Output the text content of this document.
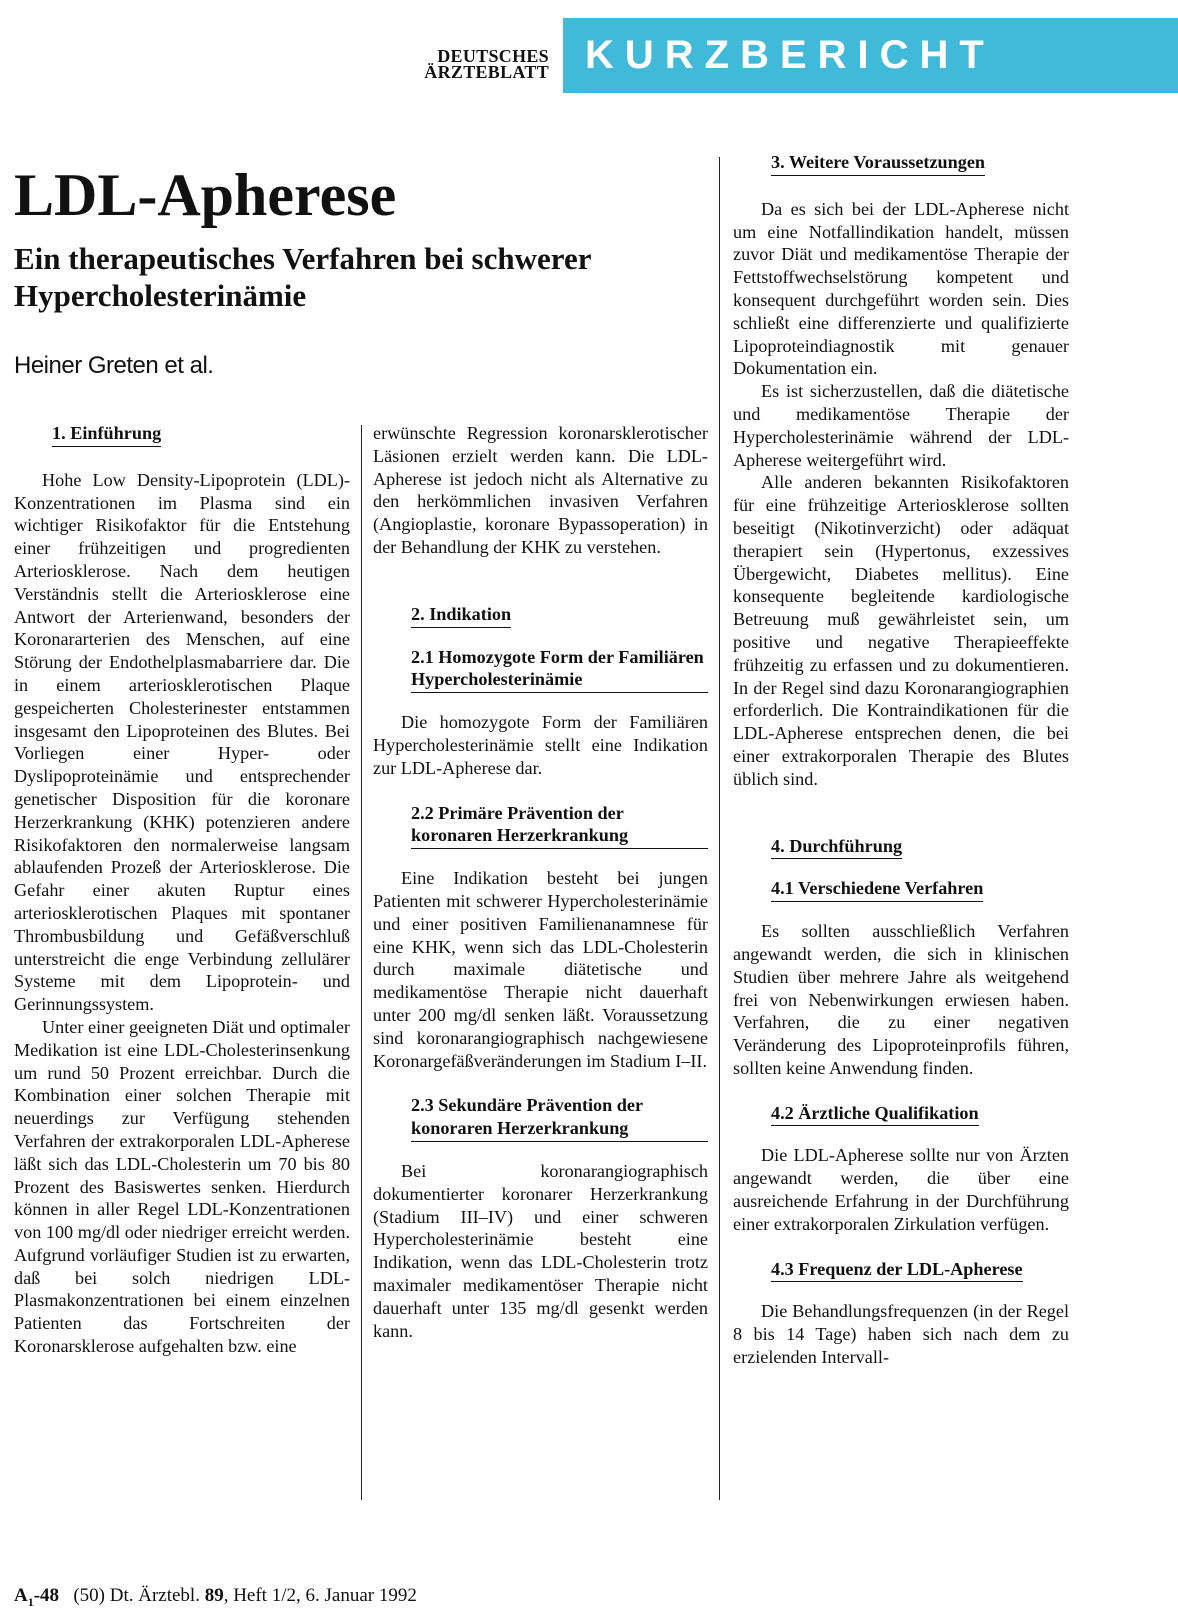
DEUTSCHES
ÄRZTEBLATT KURZBERICHT
LDL-Apherese
Ein therapeutisches Verfahren bei schwerer Hypercholesterinämie
Heiner Greten et al.
1. Einführung

Hohe Low Density-Lipoprotein (LDL)-Konzentrationen im Plasma sind ein wichtiger Risikofaktor für die Entstehung einer frühzeitigen und progredienten Arteriosklerose. Nach dem heutigen Verständnis stellt die Arteriosklerose eine Antwort der Arterienwand, besonders der Koronararterien des Menschen, auf eine Störung der Endothelplasmabarriere dar. Die in einem arteriosklerotischen Plaque gespeicherten Cholesterinester entstammen insgesamt den Lipoproteinen des Blutes. Bei Vorliegen einer Hyper- oder Dyslipoproteinämie und entsprechender genetischer Disposition für die koronare Herzerkrankung (KHK) potenzieren andere Risikofaktoren den normalerweise langsam ablaufenden Prozeß der Arteriosklerose. Die Gefahr einer akuten Ruptur eines arteriosklerotischen Plaques mit spontaner Thrombusbildung und Gefäßverschluß unterstreicht die enge Verbindung zellulärer Systeme mit dem Lipoprotein- und Gerinnungssystem.

Unter einer geeigneten Diät und optimaler Medikation ist eine LDL-Cholesterinsenkung um rund 50 Prozent erreichbar. Durch die Kombination einer solchen Therapie mit neuerdings zur Verfügung stehenden Verfahren der extrakorporalen LDL-Apherese läßt sich das LDL-Cholesterin um 70 bis 80 Prozent des Basiswertes senken. Hierdurch können in aller Regel LDL-Konzentrationen von 100 mg/dl oder niedriger erreicht werden. Aufgrund vorläufiger Studien ist zu erwarten, daß bei solch niedrigen LDL-Plasmakonzentrationen bei einem einzelnen Patienten das Fortschreiten der Koronarsklerose aufgehalten bzw. eine

erwünschte Regression koronarsklerotischer Läsionen erzielt werden kann. Die LDL-Apherese ist jedoch nicht als Alternative zu den herkömmlichen invasiven Verfahren (Angioplastie, koronare Bypassoperation) in der Behandlung der KHK zu verstehen.

2. Indikation
2.1 Homozygote Form der Familiären Hypercholesterinämie

Die homozygote Form der Familiären Hypercholesterinämie stellt eine Indikation zur LDL-Apherese dar.

2.2 Primäre Prävention der koronaren Herzerkrankung

Eine Indikation besteht bei jungen Patienten mit schwerer Hypercholesterinämie und einer positiven Familienanamnese für eine KHK, wenn sich das LDL-Cholesterin durch maximale diätetische und medikamentöse Therapie nicht dauerhaft unter 200 mg/dl senken läßt. Voraussetzung sind koronarangiographisch nachgewiesene Koronargefäßveränderungen im Stadium I–II.

2.3 Sekundäre Prävention der konoraren Herzerkrankung

Bei koronarangiographisch dokumentierter koronarer Herzerkrankung (Stadium III–IV) und einer schweren Hypercholesterinämie besteht eine Indikation, wenn das LDL-Cholesterin trotz maximaler medikamentöser Therapie nicht dauerhaft unter 135 mg/dl gesenkt werden kann.

3. Weitere Voraussetzungen

Da es sich bei der LDL-Apherese nicht um eine Notfallindikation handelt, müssen zuvor Diät und medikamentöse Therapie der Fettstoffwechselstörung kompetent und konsequent durchgeführt worden sein. Dies schließt eine differenzierte und qualifizierte Lipoproteindiagnostik mit genauer Dokumentation ein.

Es ist sicherzustellen, daß die diätetische und medikamentöse Therapie der Hypercholesterinämie während der LDL-Apherese weitergeführt wird.

Alle anderen bekannten Risikofaktoren für eine frühzeitige Arteriosklerose sollten beseitigt (Nikotinverzicht) oder adäquat therapiert sein (Hypertonus, exzessives Übergewicht, Diabetes mellitus). Eine konsequente begleitende kardiologische Betreuung muß gewährleistet sein, um positive und negative Therapieeffekte frühzeitig zu erfassen und zu dokumentieren. In der Regel sind dazu Koronarangiographien erforderlich. Die Kontraindikationen für die LDL-Apherese entsprechen denen, die bei einer extrakorporalen Therapie des Blutes üblich sind.

4. Durchführung
4.1 Verschiedene Verfahren

Es sollten ausschließlich Verfahren angewandt werden, die sich in klinischen Studien über mehrere Jahre als weitgehend frei von Nebenwirkungen erwiesen haben. Verfahren, die zu einer negativen Veränderung des Lipoproteinprofils führen, sollten keine Anwendung finden.

4.2 Ärztliche Qualifikation

Die LDL-Apherese sollte nur von Ärzten angewandt werden, die über eine ausreichende Erfahrung in der Durchführung einer extrakorporalen Zirkulation verfügen.

4.3 Frequenz der LDL-Apherese

Die Behandlungsfrequenzen (in der Regel 8 bis 14 Tage) haben sich nach dem zu erzielenden Intervall-

$A_1-48$ (50) Dt. Ärztebl. 89, Heft 1/2, 6. Januar 1992
